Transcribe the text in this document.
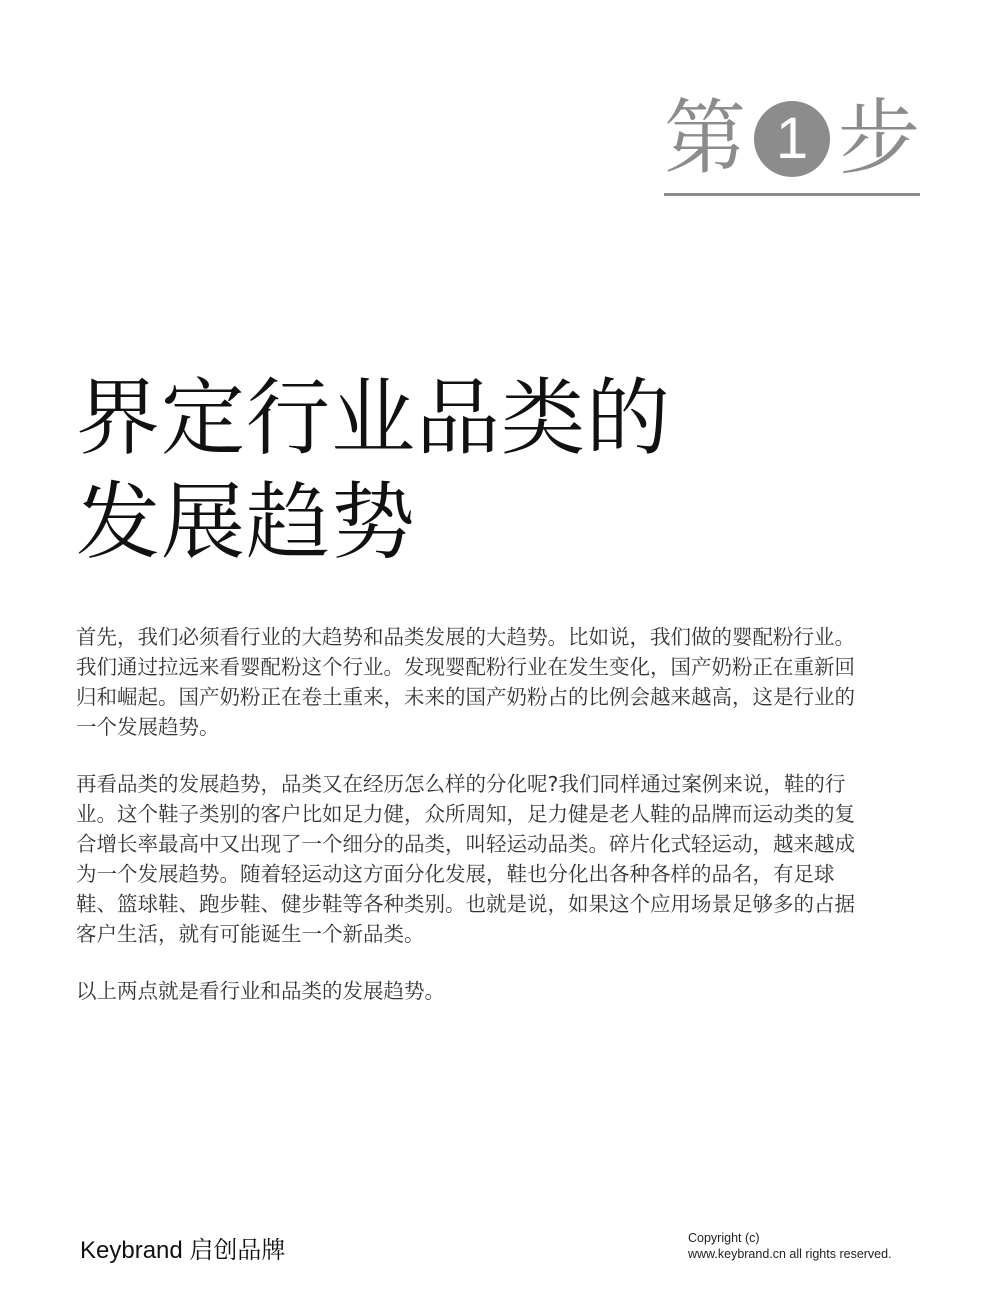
第 1 步
界定行业品类的
发展趋势

首先，我们必须看行业的大趋势和品类发展的大趋势。比如说，我们做的婴配粉行业。
我们通过拉远来看婴配粉这个行业。发现婴配粉行业在发生变化，国产奶粉正在重新回
归和崛起。国产奶粉正在卷土重来，未来的国产奶粉占的比例会越来越高，这是行业的
一个发展趋势。

再看品类的发展趋势，品类又在经历怎么样的分化呢?我们同样通过案例来说，鞋的行
业。这个鞋子类别的客户比如足力健，众所周知，足力健是老人鞋的品牌而运动类的复
合增长率最高中又出现了一个细分的品类，叫轻运动品类。碎片化式轻运动，越来越成
为一个发展趋势。随着轻运动这方面分化发展，鞋也分化出各种各样的品名，有足球
鞋、篮球鞋、跑步鞋、健步鞋等各种类别。也就是说，如果这个应用场景足够多的占据
客户生活，就有可能诞生一个新品类。

以上两点就是看行业和品类的发展趋势。

Keybrand 启创品牌	Copyright (c)
www.keybrand.cn all rights reserved.
